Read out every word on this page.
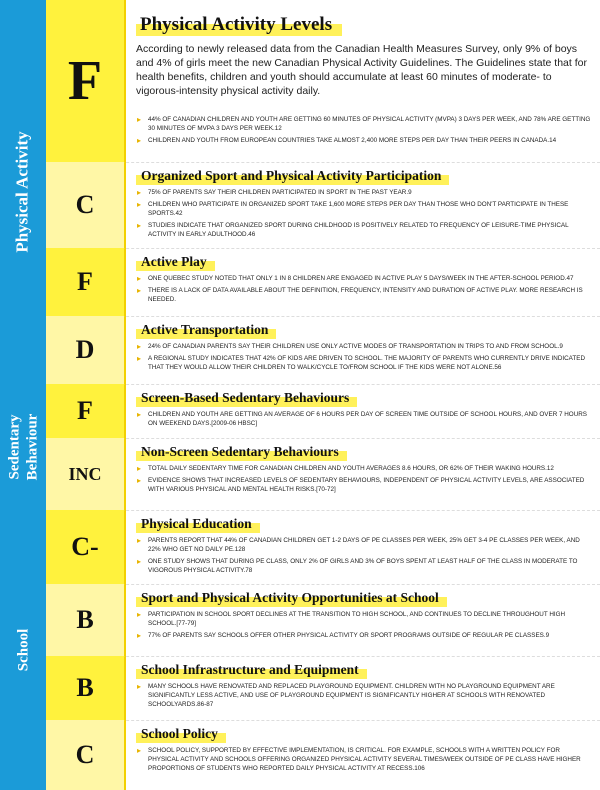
Physical Activity
Sedentary Behaviour
School
F
▸ 44% OF CANADIAN CHILDREN AND YOUTH ARE GETTING 60 MINUTES OF PHYSICAL ACTIVITY (MVPA) 3 DAYS PER WEEK, AND 78% ARE GETTING 30 MINUTES OF MVPA 3 DAYS PER WEEK.12
▸ CHILDREN AND YOUTH FROM EUROPEAN COUNTRIES TAKE ALMOST 2,400 MORE STEPS PER DAY THAN THEIR PEERS IN CANADA.14
C
Organized Sport and Physical Activity Participation
▸ 75% OF PARENTS SAY THEIR CHILDREN PARTICIPATED IN SPORT IN THE PAST YEAR.9
▸ CHILDREN WHO PARTICIPATE IN ORGANIZED SPORT TAKE 1,600 MORE STEPS PER DAY THAN THOSE WHO DON'T PARTICIPATE IN THESE SPORTS.42
▸ STUDIES INDICATE THAT ORGANIZED SPORT DURING CHILDHOOD IS POSITIVELY RELATED TO FREQUENCY OF LEISURE-TIME PHYSICAL ACTIVITY IN EARLY ADULTHOOD.46
F
Active Play
▸ ONE QUEBEC STUDY NOTED THAT ONLY 1 IN 8 CHILDREN ARE ENGAGED IN ACTIVE PLAY 5 DAYS/WEEK IN THE AFTER-SCHOOL PERIOD.47
▸ THERE IS A LACK OF DATA AVAILABLE ABOUT THE DEFINITION, FREQUENCY, INTENSITY AND DURATION OF ACTIVE PLAY. MORE RESEARCH IS NEEDED.
D
Active Transportation
▸ 24% OF CANADIAN PARENTS SAY THEIR CHILDREN USE ONLY ACTIVE MODES OF TRANSPORTATION IN TRIPS TO AND FROM SCHOOL.9
▸ A REGIONAL STUDY INDICATES THAT 42% OF KIDS ARE DRIVEN TO SCHOOL. THE MAJORITY OF PARENTS WHO CURRENTLY DRIVE INDICATED THAT THEY WOULD ALLOW THEIR CHILDREN TO WALK/CYCLE TO/FROM SCHOOL IF THE KIDS WERE NOT ALONE.56
F	Screen-Based Sedentary Behaviours
▸ CHILDREN AND YOUTH ARE GETTING AN AVERAGE OF 6 HOURS PER DAY OF SCREEN TIME OUTSIDE OF SCHOOL HOURS, AND OVER 7 HOURS ON WEEKEND DAYS.[2009-06 HBSC]
INC
Non-Screen Sedentary Behaviours
▸ TOTAL DAILY SEDENTARY TIME FOR CANADIAN CHILDREN AND YOUTH AVERAGES 8.6 HOURS, OR 62% OF THEIR WAKING HOURS.12
▸ EVIDENCE SHOWS THAT INCREASED LEVELS OF SEDENTARY BEHAVIOURS, INDEPENDENT OF PHYSICAL ACTIVITY LEVELS, ARE ASSOCIATED WITH VARIOUS PHYSICAL AND MENTAL HEALTH RISKS.[70-72]
C-
Physical Education
▸ PARENTS REPORT THAT 44% OF CANADIAN CHILDREN GET 1-2 DAYS OF PE CLASSES PER WEEK, 25% GET 3-4 PE CLASSES PER WEEK, AND 22% WHO GET NO DAILY PE.128
▸ ONE STUDY SHOWS THAT DURING PE CLASS, ONLY 2% OF GIRLS AND 3% OF BOYS SPENT AT LEAST HALF OF THE CLASS IN MODERATE TO VIGOROUS PHYSICAL ACTIVITY.78
B
Sport and Physical Activity Opportunities at School
▸ PARTICIPATION IN SCHOOL SPORT DECLINES AT THE TRANSITION TO HIGH SCHOOL, AND CONTINUES TO DECLINE THROUGHOUT HIGH SCHOOL.[77-79]
▸ 77% OF PARENTS SAY SCHOOLS OFFER OTHER PHYSICAL ACTIVITY OR SPORT PROGRAMS OUTSIDE OF REGULAR PE CLASSES.9
B
School Infrastructure and Equipment
▸ MANY SCHOOLS HAVE RENOVATED AND REPLACED PLAYGROUND EQUIPMENT. CHILDREN WITH NO PLAYGROUND EQUIPMENT ARE SIGNIFICANTLY LESS ACTIVE, AND USE OF PLAYGROUND EQUIPMENT IS SIGNIFICANTLY HIGHER AT SCHOOLS WITH RENOVATED SCHOOLYARDS.86-87
C
School Policy
▸ SCHOOL POLICY, SUPPORTED BY EFFECTIVE IMPLEMENTATION, IS CRITICAL. FOR EXAMPLE, SCHOOLS WITH A WRITTEN POLICY FOR PHYSICAL ACTIVITY AND SCHOOLS OFFERING ORGANIZED PHYSICAL ACTIVITY SEVERAL TIMES/WEEK OUTSIDE OF PE CLASS HAVE HIGHER PROPORTIONS OF STUDENTS WHO REPORTED DAILY PHYSICAL ACTIVITY AT RECESS.106
Physical Activity Levels
According to newly released data from the Canadian Health Measures Survey, only 9% of boys and 4% of girls meet the new Canadian Physical Activity Guidelines. The Guidelines state that for health benefits, children and youth should accumulate at least 60 minutes of moderate- to vigorous-intensity physical activity daily.
